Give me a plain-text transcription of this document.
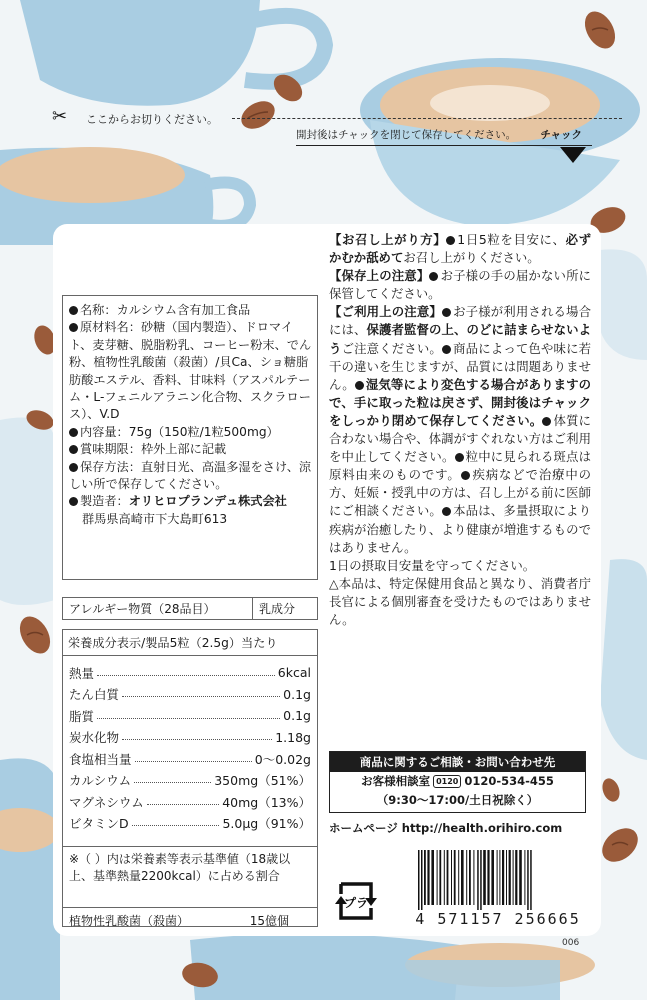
✂ ここからお切りください。
開封後はチャックを閉じて保存してください。 チャック

名称：カルシウム含有加工食品

原材料名：砂糖（国内製造）、ドロマイト、麦芽糖、脱脂粉乳、コーヒー粉末、でん粉、植物性乳酸菌（殺菌）/貝Ca、ショ糖脂肪酸エステル、香料、甘味料（アスパルテーム・L-フェニルアラニン化合物、スクラロース）、V.D

内容量：75g（150粒/1粒500mg）

賞味期限：枠外上部に記載

保存方法：直射日光、高温多湿をさけ、涼しい所で保存してください。

製造者：オリヒロプランデュ株式会社

群馬県高崎市下大島町613

アレルギー物質（28品目）	乳成分
栄養成分表示/製品5粒（2.5g）当たり
熱量	6kcal
たん白質	0.1g
脂質	0.1g
炭水化物	1.18g
食塩相当量	0〜0.02g
カルシウム	350mg（51%）
マグネシウム	40mg（13%）
ビタミンD	5.0μg（91%）
※（ ）内は栄養素等表示基準値（18歳以上、基準熱量2200kcal）に占める割合
植物性乳酸菌（殺菌）	15億個
【お召し上がり方】 1日5粒を目安に、必ずかむか舐めてお召し上がりください。
【保存上の注意】 お子様の手の届かない所に保管してください。
【ご利用上の注意】 お子様が利用される場合には、保護者監督の上、のどに詰まらせないようご注意ください。 商品によって色や味に若干の違いを生じますが、品質には問題ありません。 湿気等により変色する場合がありますので、手に取った粒は戻さず、開封後はチャックをしっかり閉めて保存してください。 体質に合わない場合や、体調がすぐれない方はご利用を中止してください。 粒中に見られる斑点は原料由来のものです。 疾病などで治療中の方、妊娠・授乳中の方は、召し上がる前に医師にご相談ください。 本品は、多量摂取により疾病が治癒したり、より健康が増進するものではありません。
1日の摂取目安量を守ってください。
△本品は、特定保健用食品と異なり、消費者庁長官による個別審査を受けたものではありません。
商品に関するご相談・お問い合わせ先
お客様相談室 0120 0120-534-455
（9:30〜17:00/土日祝除く）
ホームページ http://health.orihiro.com
プラ
4 571157 256665
006
